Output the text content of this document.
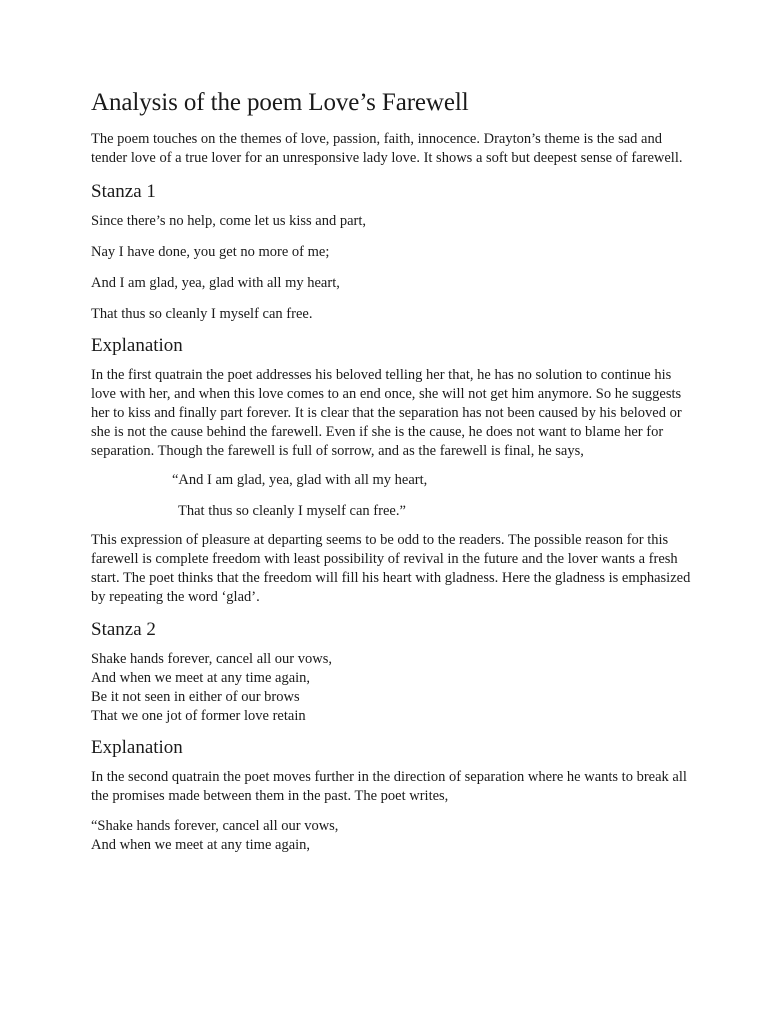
Analysis of the poem Love’s Farewell

The poem touches on the themes of love, passion, faith, innocence. Drayton’s theme is the sad and tender love of a true lover for an unresponsive lady love. It shows a soft but deepest sense of farewell.

Stanza 1

Since there’s no help, come let us kiss and part,

Nay I have done, you get no more of me;

And I am glad, yea, glad with all my heart,

That thus so cleanly I myself can free.

Explanation

In the first quatrain the poet addresses his beloved telling her that, he has no solution to continue his love with her, and when this love comes to an end once, she will not get him anymore. So he suggests her to kiss and finally part forever. It is clear that the separation has not been caused by his beloved or she is not the cause behind the farewell. Even if she is the cause, he does not want to blame her for separation. Though the farewell is full of sorrow, and as the farewell is final, he says,

“And I am glad, yea, glad with all my heart,

That thus so cleanly I myself can free.”

This expression of pleasure at departing seems to be odd to the readers. The possible reason for this farewell is complete freedom with least possibility of revival in the future and the lover wants a fresh start. The poet thinks that the freedom will fill his heart with gladness. Here the gladness is emphasized by repeating the word ‘glad’.

Stanza 2

Shake hands forever, cancel all our vows,

And when we meet at any time again,

Be it not seen in either of our brows

That we one jot of former love retain

Explanation

In the second quatrain the poet moves further in the direction of separation where he wants to break all the promises made between them in the past. The poet writes,

“Shake hands forever, cancel all our vows,

And when we meet at any time again,
